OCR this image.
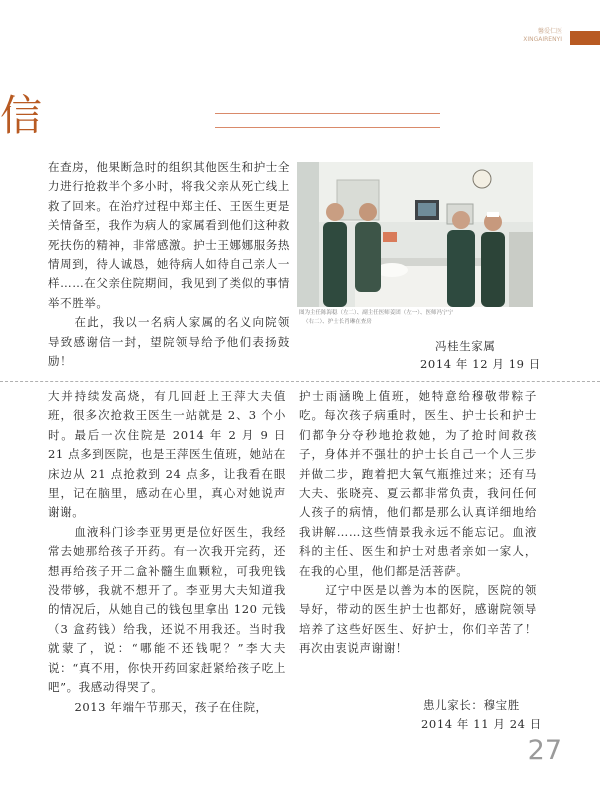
馨爱仁医
XINGAIRENYI
信

在查房，他果断急时的组织其他医生和护士全力进行抢救半个多小时，将我父亲从死亡线上救了回来。在治疗过程中郑主任、王医生更是关情备至，我作为病人的家属看到他们这种救死扶伤的精神，非常感激。护士王娜娜服务热情周到，待人诚恳，她待病人如待自己亲人一样……在父亲住院期间，我见到了类似的事情举不胜举。

在此，我以一名病人家属的名义向院领导致感谢信一封，望院领导给予他们表扬鼓励！

图为主任陈海稳（左二）、副主任医师姜团（左一）、医师冯宁宁
（右二）、护士长肖琳在查房
冯桂生家属
2014 年 12 月 19 日

大并持续发高烧，有几回赶上王萍大夫值班，很多次抢救王医生一站就是 2、3 个小时。最后一次住院是 2014 年 2 月 9 日 21 点多到医院，也是王萍医生值班，她站在床边从 21 点抢救到 24 点多，让我看在眼里，记在脑里，感动在心里，真心对她说声谢谢。

血液科门诊李亚男更是位好医生，我经常去她那给孩子开药。有一次我开完药，还想再给孩子开二盒补髓生血颗粒，可我兜钱没带够，我就不想开了。李亚男大夫知道我的情况后，从她自己的钱包里拿出 120 元钱（3 盒药钱）给我，还说不用我还。当时我就蒙了，说：“哪能不还钱呢？”李大夫说：“真不用，你快开药回家赶紧给孩子吃上吧”。我感动得哭了。

2013 年端午节那天，孩子在住院，

护士雨涵晚上值班，她特意给穆敬带粽子吃。每次孩子病重时，医生、护士长和护士们都争分夺秒地抢救她，为了抢时间救孩子，身体并不强壮的护士长自己一个人三步并做二步，跑着把大氧气瓶推过来；还有马大夫、张晓亮、夏云都非常负责，我问任何人孩子的病情，他们都是那么认真详细地给我讲解……这些情景我永远不能忘记。血液科的主任、医生和护士对患者亲如一家人，在我的心里，他们都是活菩萨。

辽宁中医是以善为本的医院，医院的领导好，带动的医生护士也都好，感谢院领导培养了这些好医生、好护士，你们辛苦了！再次由衷说声谢谢！

患儿家长：穆宝胜
2014 年 11 月 24 日
27
